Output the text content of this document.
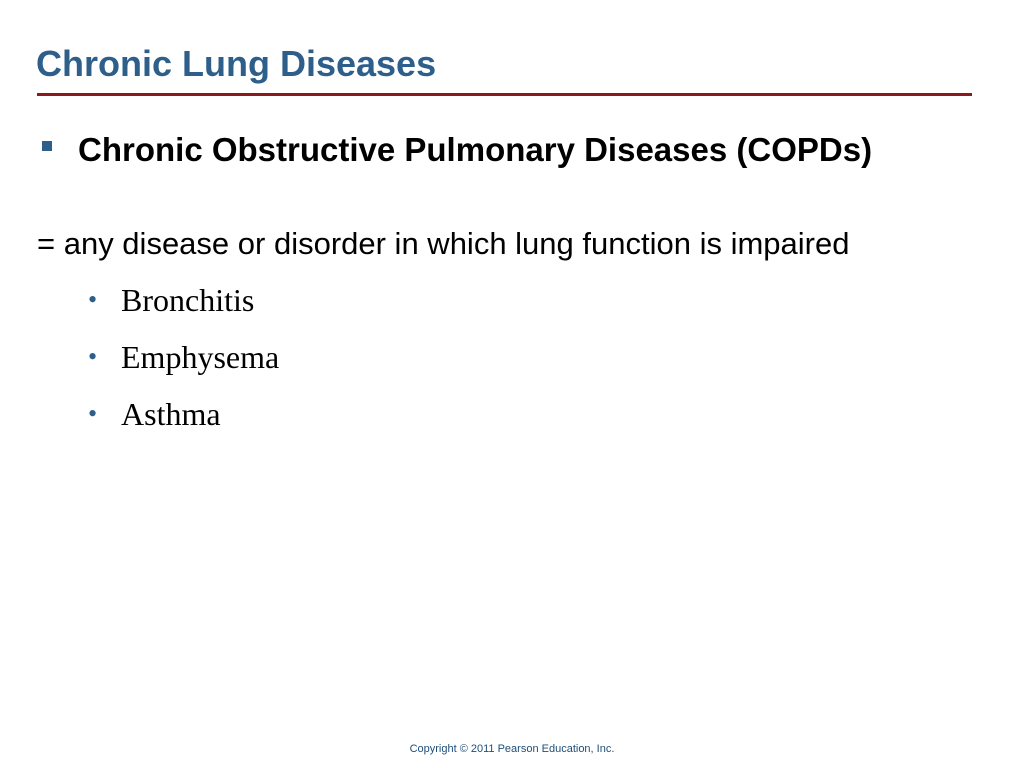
Chronic Lung Diseases
Chronic Obstructive Pulmonary Diseases (COPDs)
= any disease or disorder in which lung function is impaired
• Bronchitis
• Emphysema
• Asthma
Copyright © 2011 Pearson Education, Inc.
